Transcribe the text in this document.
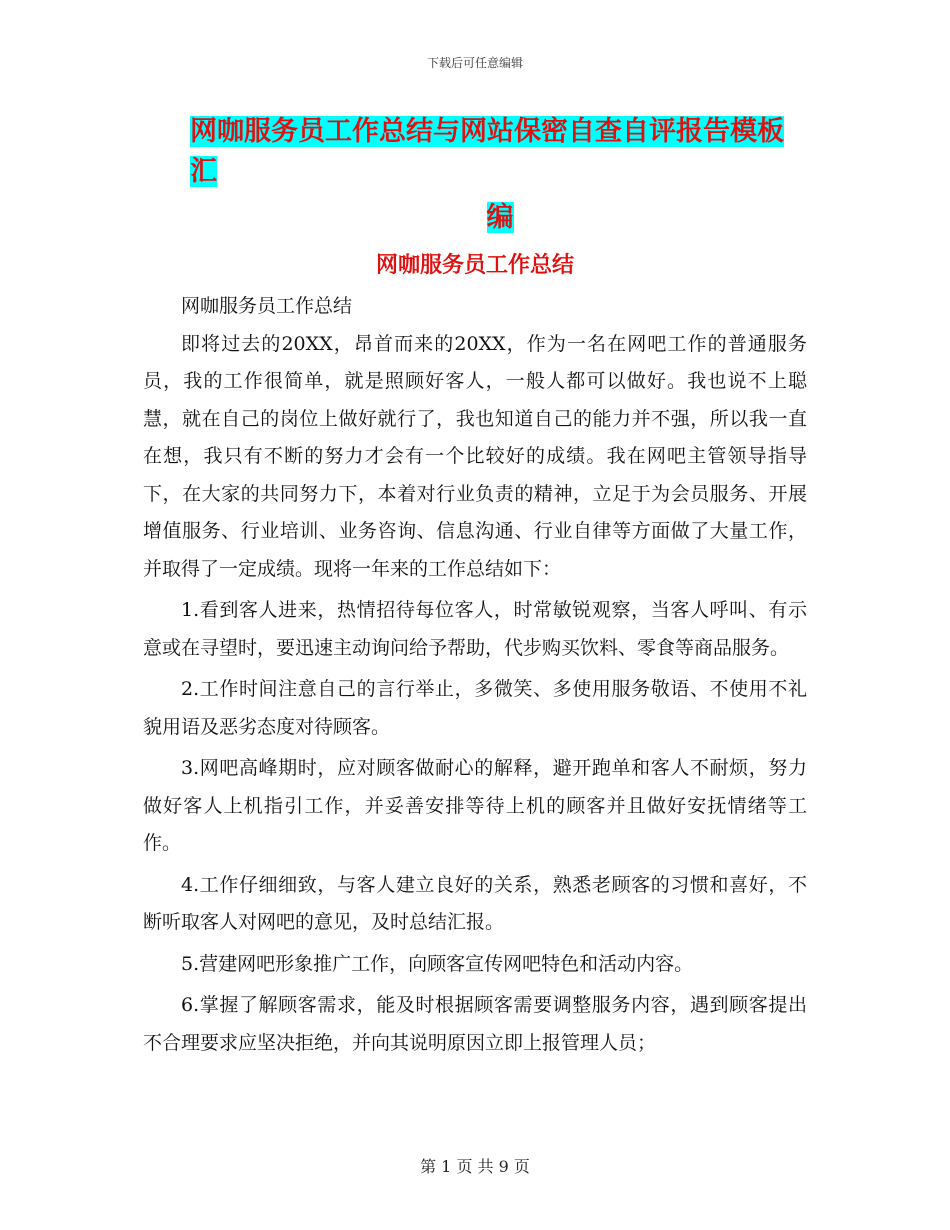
下载后可任意编辑
网咖服务员工作总结与网站保密自查自评报告模板汇
编
网咖服务员工作总结

网咖服务员工作总结

即将过去的20XX，昂首而来的20XX，作为一名在网吧工作的普通服务员，我的工作很简单，就是照顾好客人，一般人都可以做好。我也说不上聪慧，就在自己的岗位上做好就行了，我也知道自己的能力并不强，所以我一直在想，我只有不断的努力才会有一个比较好的成绩。我在网吧主管领导指导下，在大家的共同努力下，本着对行业负责的精神，立足于为会员服务、开展增值服务、行业培训、业务咨询、信息沟通、行业自律等方面做了大量工作，并取得了一定成绩。现将一年来的工作总结如下：

1.看到客人进来，热情招待每位客人，时常敏锐观察，当客人呼叫、有示意或在寻望时，要迅速主动询问给予帮助，代步购买饮料、零食等商品服务。

2.工作时间注意自己的言行举止，多微笑、多使用服务敬语、不使用不礼貌用语及恶劣态度对待顾客。

3.网吧高峰期时，应对顾客做耐心的解释，避开跑单和客人不耐烦，努力做好客人上机指引工作，并妥善安排等待上机的顾客并且做好安抚情绪等工作。

4.工作仔细细致，与客人建立良好的关系，熟悉老顾客的习惯和喜好，不断听取客人对网吧的意见，及时总结汇报。

5.营建网吧形象推广工作，向顾客宣传网吧特色和活动内容。

6.掌握了解顾客需求，能及时根据顾客需要调整服务内容，遇到顾客提出不合理要求应坚决拒绝，并向其说明原因立即上报管理人员；

第 1 页 共 9 页
